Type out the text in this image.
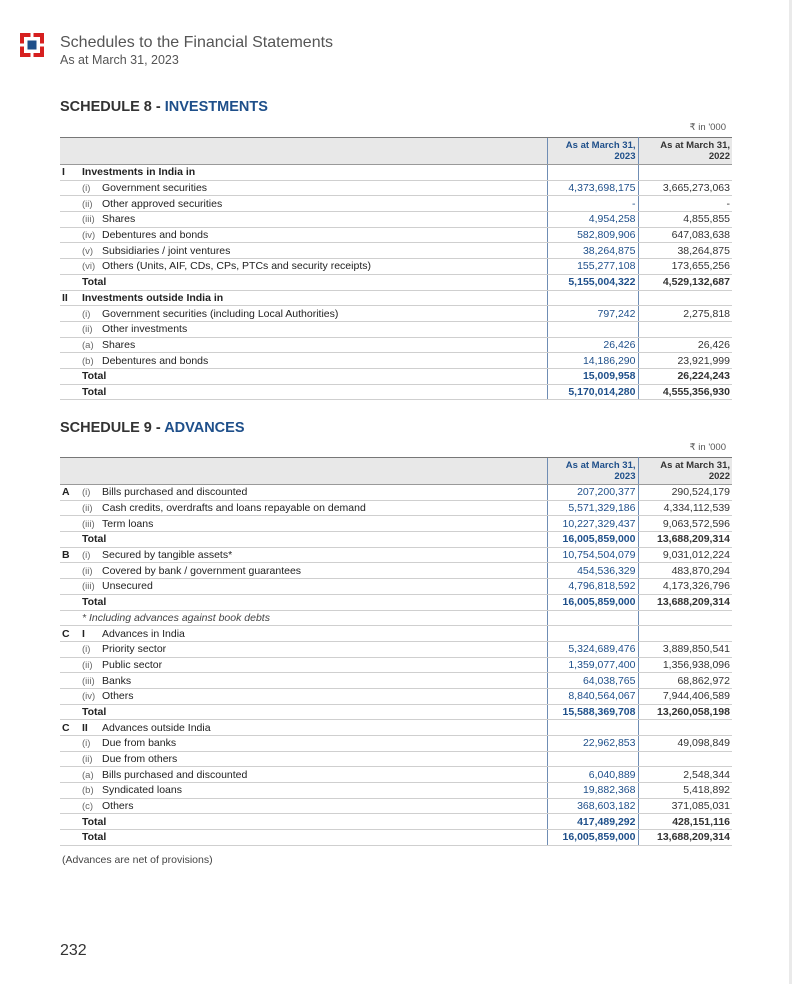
Schedules to the Financial Statements
As at March 31, 2023
SCHEDULE 8 - INVESTMENTS
₹ in '000
		As at March 31, 2023	As at March 31, 2022
I	Investments in India in		
	(i) Government securities	4,373,698,175	3,665,273,063
	(ii) Other approved securities	-	-
	(iii) Shares	4,954,258	4,855,855
	(iv) Debentures and bonds	582,809,906	647,083,638
	(v) Subsidiaries / joint ventures	38,264,875	38,264,875
	(vi) Others (Units, AIF, CDs, CPs, PTCs and security receipts)	155,277,108	173,655,256
	Total	5,155,004,322	4,529,132,687
II	Investments outside India in		
	(i) Government securities (including Local Authorities)	797,242	2,275,818
	(ii) Other investments		
	(a) Shares	26,426	26,426
	(b) Debentures and bonds	14,186,290	23,921,999
	Total	15,009,958	26,224,243
	Total	5,170,014,280	4,555,356,930
SCHEDULE 9 - ADVANCES
₹ in '000
		As at March 31, 2023	As at March 31, 2022
A	(i) Bills purchased and discounted	207,200,377	290,524,179
	(ii) Cash credits, overdrafts and loans repayable on demand	5,571,329,186	4,334,112,539
	(iii) Term loans	10,227,329,437	9,063,572,596
	Total	16,005,859,000	13,688,209,314
B	(i) Secured by tangible assets*	10,754,504,079	9,031,012,224
	(ii) Covered by bank / government guarantees	454,536,329	483,870,294
	(iii) Unsecured	4,796,818,592	4,173,326,796
	Total	16,005,859,000	13,688,209,314
	* Including advances against book debts		
C	I Advances in India		
	(i) Priority sector	5,324,689,476	3,889,850,541
	(ii) Public sector	1,359,077,400	1,356,938,096
	(iii) Banks	64,038,765	68,862,972
	(iv) Others	8,840,564,067	7,944,406,589
	Total	15,588,369,708	13,260,058,198
C	II Advances outside India		
	(i) Due from banks	22,962,853	49,098,849
	(ii) Due from others		
	(a) Bills purchased and discounted	6,040,889	2,548,344
	(b) Syndicated loans	19,882,368	5,418,892
	(c) Others	368,603,182	371,085,031
	Total	417,489,292	428,151,116
	Total	16,005,859,000	13,688,209,314
(Advances are net of provisions)
232
